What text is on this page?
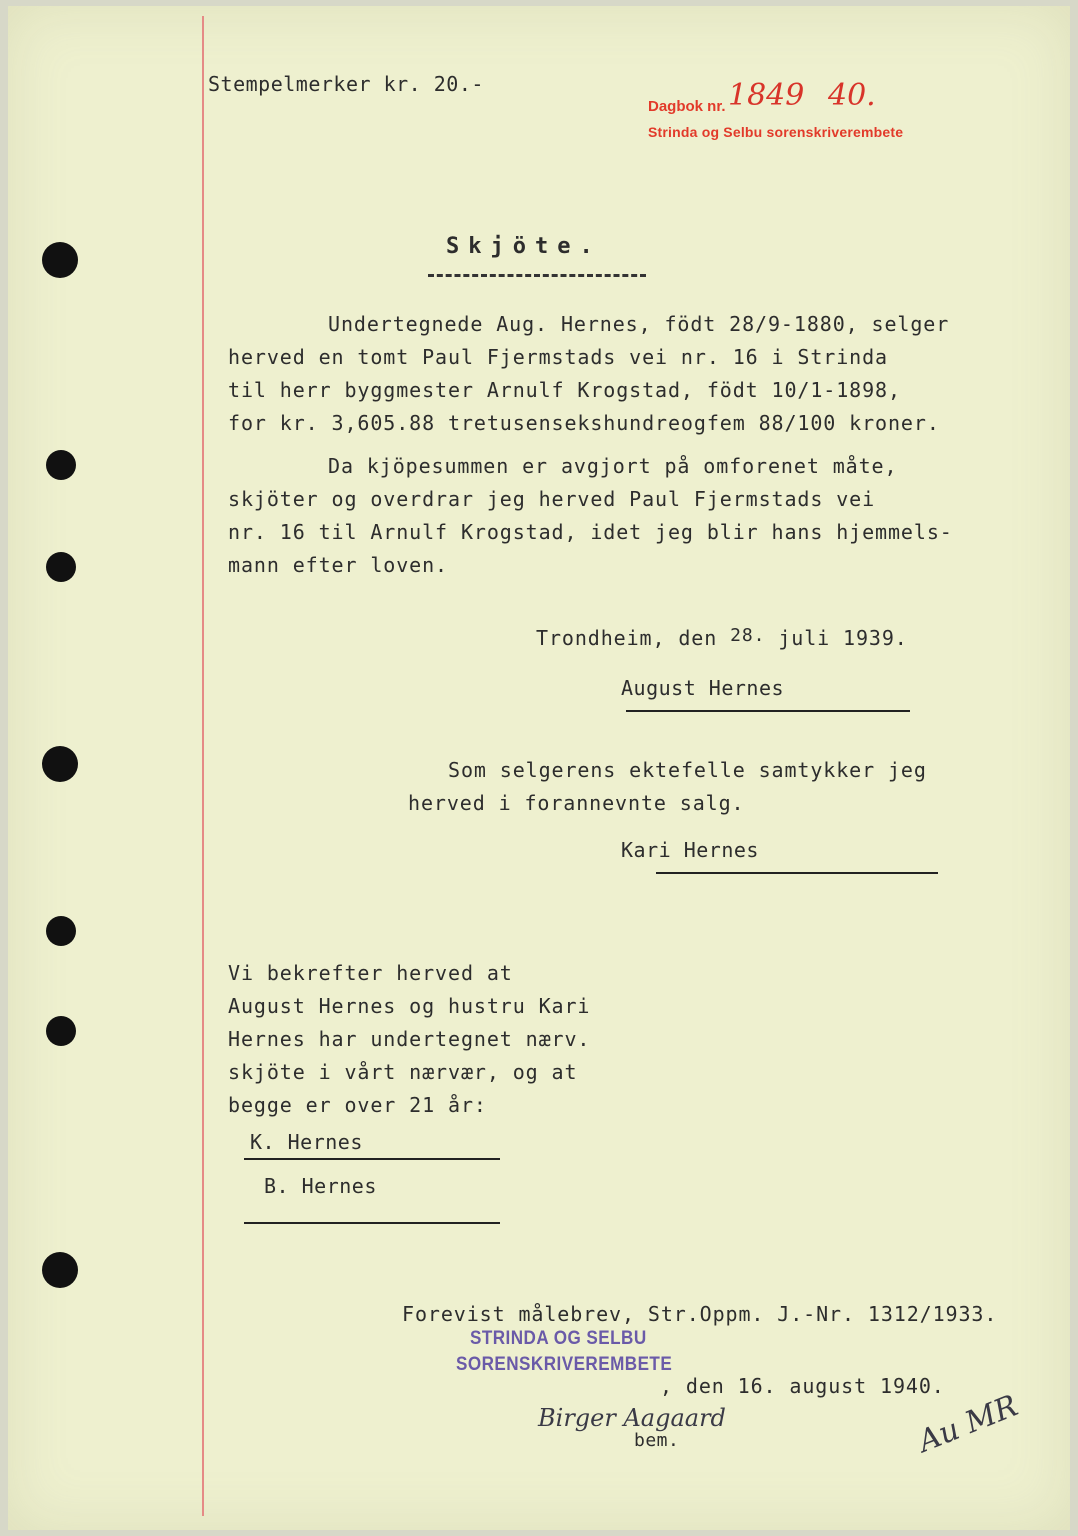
Stempelmerker kr. 20.-
Dagbok nr. 1849 40.
Strinda og Selbu sorenskriverembete
Skjöte.
Undertegnede Aug. Hernes, födt 28/9-1880, selger
herved en tomt Paul Fjermstads vei nr. 16 i Strinda
til herr byggmester Arnulf Krogstad, födt 10/1-1898,
for kr. 3,605.88 tretusensekshundreogfem 88/100 kroner.
Da kjöpesummen er avgjort på omforenet måte,
skjöter og overdrar jeg herved Paul Fjermstads vei
nr. 16 til Arnulf Krogstad, idet jeg blir hans hjemmels-
mann efter loven.
Trondheim, den 28. juli 1939.
August Hernes
Som selgerens ektefelle samtykker jeg
herved i forannevnte salg.
Kari Hernes
Vi bekrefter herved at
August Hernes og hustru Kari
Hernes har undertegnet nærv.
skjöte i vårt nærvær, og at
begge er over 21 år:
K. Hernes
B. Hernes
Forevist målebrev, Str.Oppm. J.-Nr. 1312/1933.
STRINDA OG SELBU
SORENSKRIVEREMBETE
, den 16. august 1940.
Birger Aagaard
bem.	Au MR
